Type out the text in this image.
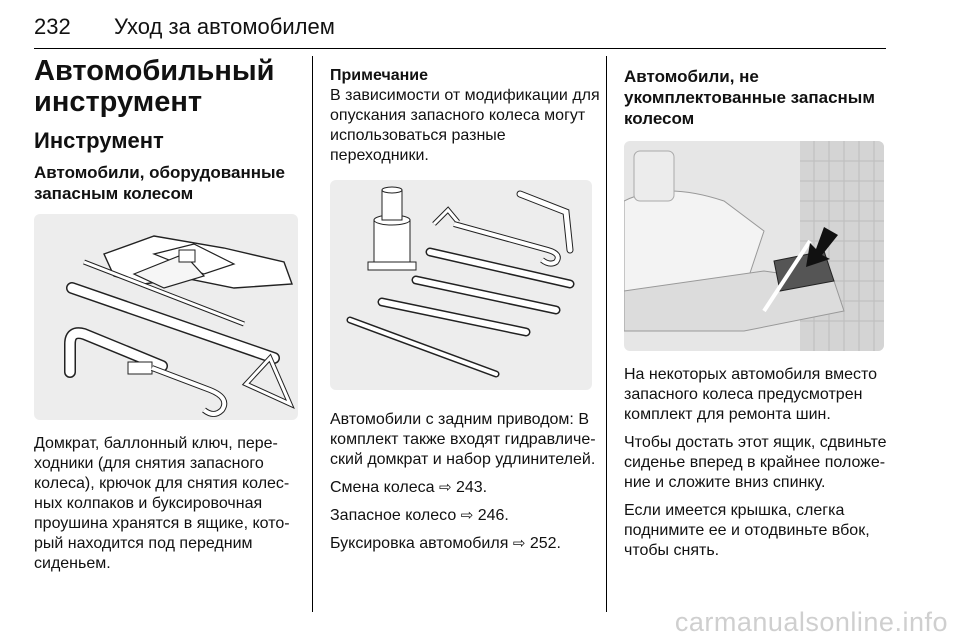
232 Уход за автомобилем
Автомобильный инструмент
Инструмент
Автомобили, оборудованные запасным колесом

Домкрат, баллонный ключ, пере-ходники (для снятия запасного колеса), крючок для снятия колес-ных колпаков и буксировочная проушина хранятся в ящике, кото-рый находится под передним сиденьем.

Примечание

В зависимости от модификации для опускания запасного колеса могут использоваться разные переходники.

Автомобили с задним приводом: В комплект также входят гидравличе-ский домкрат и набор удлинителей.

Смена колеса ⇨ 243.

Запасное колесо ⇨ 246.

Буксировка автомобиля ⇨ 252.

Автомобили, не укомплектованные запасным колесом

На некоторых автомобиля вместо запасного колеса предусмотрен комплект для ремонта шин.

Чтобы достать этот ящик, сдвиньте сиденье вперед в крайнее положе-ние и сложите вниз спинку.

Если имеется крышка, слегка поднимите ее и отодвиньте вбок, чтобы снять.

carmanualsonline.info
